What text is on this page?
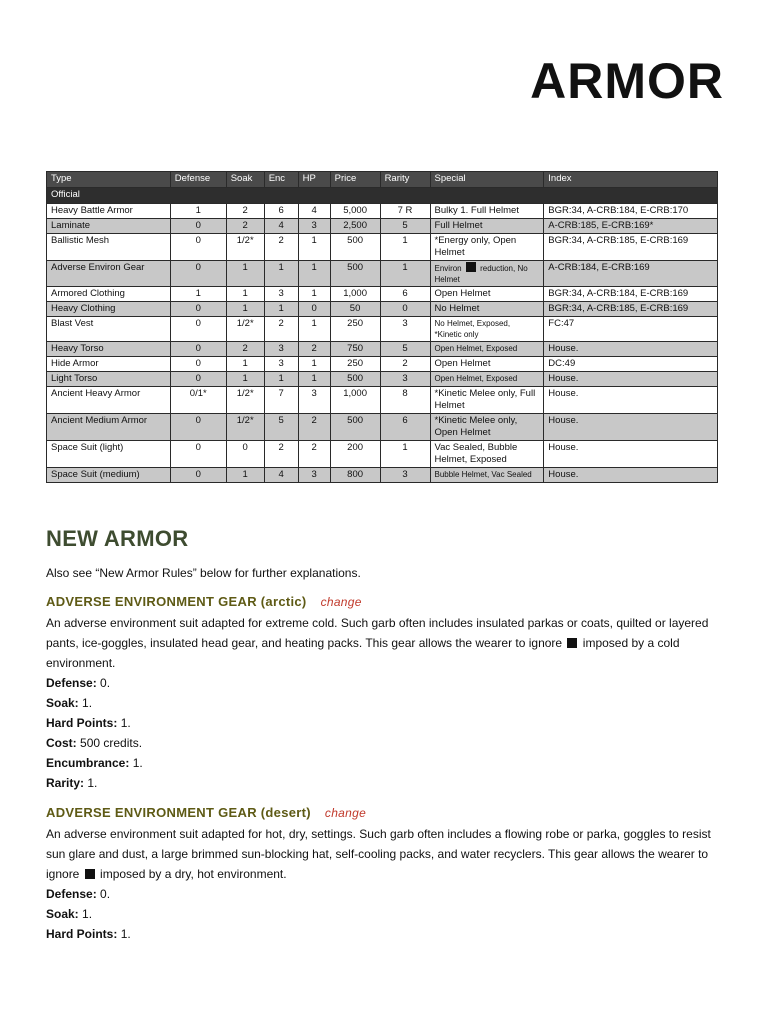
ARMOR
Type	Defense	Soak	Enc	HP	Price	Rarity	Special	Index
Official								
Heavy Battle Armor	1	2	6	4	5,000	7 R	Bulky 1. Full Helmet	BGR:34, A-CRB:184, E-CRB:170
Laminate	0	2	4	3	2,500	5	Full Helmet	A-CRB:185, E-CRB:169*
Ballistic Mesh	0	1/2*	2	1	500	1	*Energy only, Open Helmet	BGR:34, A-CRB:185, E-CRB:169
Adverse Environ Gear	0	1	1	1	500	1	Environ reduction, No Helmet	A-CRB:184, E-CRB:169
Armored Clothing	1	1	3	1	1,000	6	Open Helmet	BGR:34, A-CRB:184, E-CRB:169
Heavy Clothing	0	1	1	0	50	0	No Helmet	BGR:34, A-CRB:185, E-CRB:169
Blast Vest	0	1/2*	2	1	250	3	No Helmet, Exposed, *Kinetic only	FC:47
Heavy Torso	0	2	3	2	750	5	Open Helmet, Exposed	House.
Hide Armor	0	1	3	1	250	2	Open Helmet	DC:49
Light Torso	0	1	1	1	500	3	Open Helmet, Exposed	House.
Ancient Heavy Armor	0/1*	1/2*	7	3	1,000	8	*Kinetic Melee only, Full Helmet	House.
Ancient Medium Armor	0	1/2*	5	2	500	6	*Kinetic Melee only, Open Helmet	House.
Space Suit (light)	0	0	2	2	200	1	Vac Sealed, Bubble Helmet, Exposed	House.
Space Suit (medium)	0	1	4	3	800	3	Bubble Helmet, Vac Sealed	House.
NEW ARMOR

Also see “New Armor Rules” below for further explanations.

ADVERSE ENVIRONMENT GEAR (arctic) change

An adverse environment suit adapted for extreme cold. Such garb often includes insulated parkas or coats, quilted or layered pants, ice-goggles, insulated head gear, and heating packs. This gear allows the wearer to ignore imposed by a cold environment.

Defense: 0.

Soak: 1.

Hard Points: 1.

Cost: 500 credits.

Encumbrance: 1.

Rarity: 1.

ADVERSE ENVIRONMENT GEAR (desert) change

An adverse environment suit adapted for hot, dry, settings. Such garb often includes a flowing robe or parka, goggles to resist sun glare and dust, a large brimmed sun-blocking hat, self-cooling packs, and water recyclers. This gear allows the wearer to ignore imposed by a dry, hot environment.

Defense: 0.

Soak: 1.

Hard Points: 1.
